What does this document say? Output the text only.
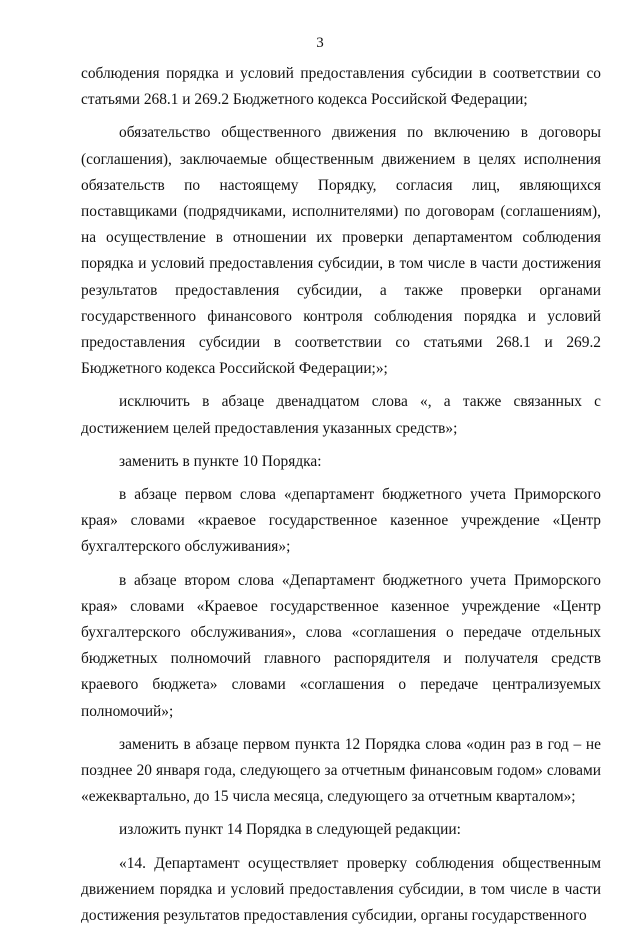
3

соблюдения порядка и условий предоставления субсидии в соответствии со статьями 268.1 и 269.2 Бюджетного кодекса Российской Федерации;

обязательство общественного движения по включению в договоры (соглашения), заключаемые общественным движением в целях исполнения обязательств по настоящему Порядку, согласия лиц, являющихся поставщиками (подрядчиками, исполнителями) по договорам (соглашениям), на осуществление в отношении их проверки департаментом соблюдения порядка и условий предоставления субсидии, в том числе в части достижения результатов предоставления субсидии, а также проверки органами государственного финансового контроля соблюдения порядка и условий предоставления субсидии в соответствии со статьями 268.1 и 269.2 Бюджетного кодекса Российской Федерации;»;

исключить в абзаце двенадцатом слова «, а также связанных с достижением целей предоставления указанных средств»;

заменить в пункте 10 Порядка:

в абзаце первом слова «департамент бюджетного учета Приморского края» словами «краевое государственное казенное учреждение «Центр бухгалтерского обслуживания»;

в абзаце втором слова «Департамент бюджетного учета Приморского края» словами «Краевое государственное казенное учреждение «Центр бухгалтерского обслуживания», слова «соглашения о передаче отдельных бюджетных полномочий главного распорядителя и получателя средств краевого бюджета» словами «соглашения о передаче централизуемых полномочий»;

заменить в абзаце первом пункта 12 Порядка слова «один раз в год – не позднее 20 января года, следующего за отчетным финансовым годом» словами «ежеквартально, до 15 числа месяца, следующего за отчетным кварталом»;

изложить пункт 14 Порядка в следующей редакции:

«14. Департамент осуществляет проверку соблюдения общественным движением порядка и условий предоставления субсидии, в том числе в части достижения результатов предоставления субсидии, органы государственного
